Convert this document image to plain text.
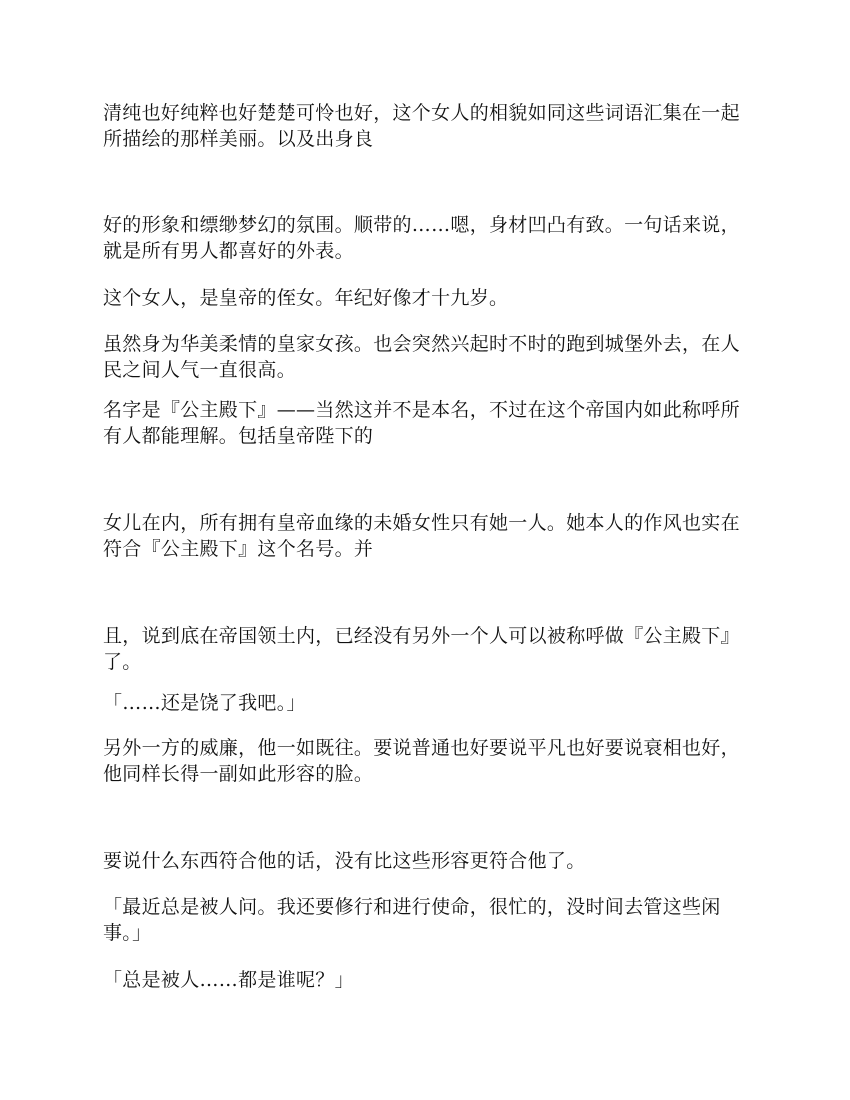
清纯也好纯粹也好楚楚可怜也好，这个女人的相貌如同这些词语汇集在一起所描绘的那样美丽。以及出身良

好的形象和缥缈梦幻的氛围。顺带的……嗯，身材凹凸有致。一句话来说，就是所有男人都喜好的外表。

这个女人，是皇帝的侄女。年纪好像才十九岁。

虽然身为华美柔情的皇家女孩。也会突然兴起时不时的跑到城堡外去，在人民之间人气一直很高。

名字是『公主殿下』——当然这并不是本名，不过在这个帝国内如此称呼所有人都能理解。包括皇帝陛下的

女儿在内，所有拥有皇帝血缘的未婚女性只有她一人。她本人的作风也实在符合『公主殿下』这个名号。并

且，说到底在帝国领土内，已经没有另外一个人可以被称呼做『公主殿下』了。

「……还是饶了我吧。」

另外一方的威廉，他一如既往。要说普通也好要说平凡也好要说衰相也好，他同样长得一副如此形容的脸。

要说什么东西符合他的话，没有比这些形容更符合他了。

「最近总是被人问。我还要修行和进行使命，很忙的，没时间去管这些闲事。」

「总是被人……都是谁呢？」
